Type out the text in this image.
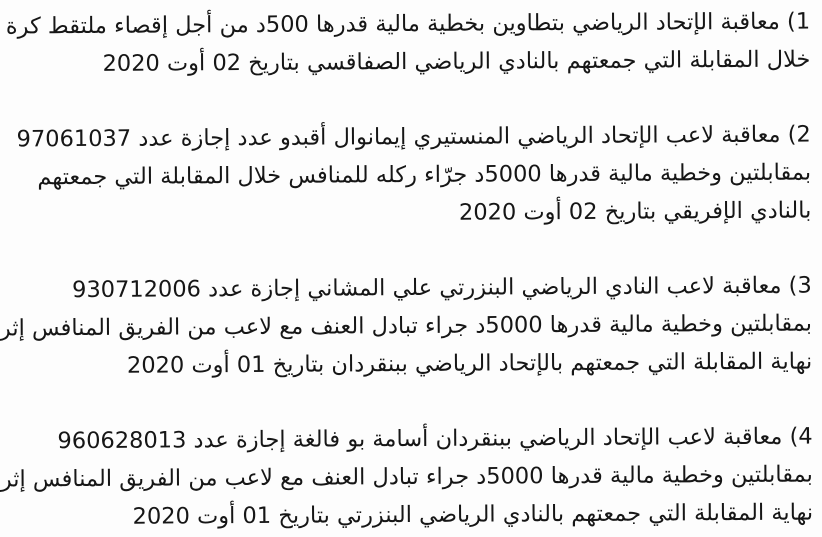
1) معاقبة الإتحاد الرياضي بتطاوين بخطية مالية قدرها 500د من أجل إقصاء ملتقط كرة
خلال المقابلة التي جمعتهم بالنادي الرياضي الصفاقسي بتاريخ 02 أوت 2020

2) معاقبة لاعب الإتحاد الرياضي المنستيري إيمانوال أقبدو عدد إجازة عدد 97061037
بمقابلتين وخطية مالية قدرها 5000د جرّاء ركله للمنافس خلال المقابلة التي جمعتهم
بالنادي الإفريقي بتاريخ 02 أوت 2020

3) معاقبة لاعب النادي الرياضي البنزرتي علي المشاني إجازة عدد 930712006
بمقابلتين وخطية مالية قدرها 5000د جراء تبادل العنف مع لاعب من الفريق المنافس إثر
نهاية المقابلة التي جمعتهم بالإتحاد الرياضي ببنقردان بتاريخ 01 أوت 2020

4) معاقبة لاعب الإتحاد الرياضي ببنقردان أسامة بو فالغة إجازة عدد 960628013
بمقابلتين وخطية مالية قدرها 5000د جراء تبادل العنف مع لاعب من الفريق المنافس إثر
نهاية المقابلة التي جمعتهم بالنادي الرياضي البنزرتي بتاريخ 01 أوت 2020
